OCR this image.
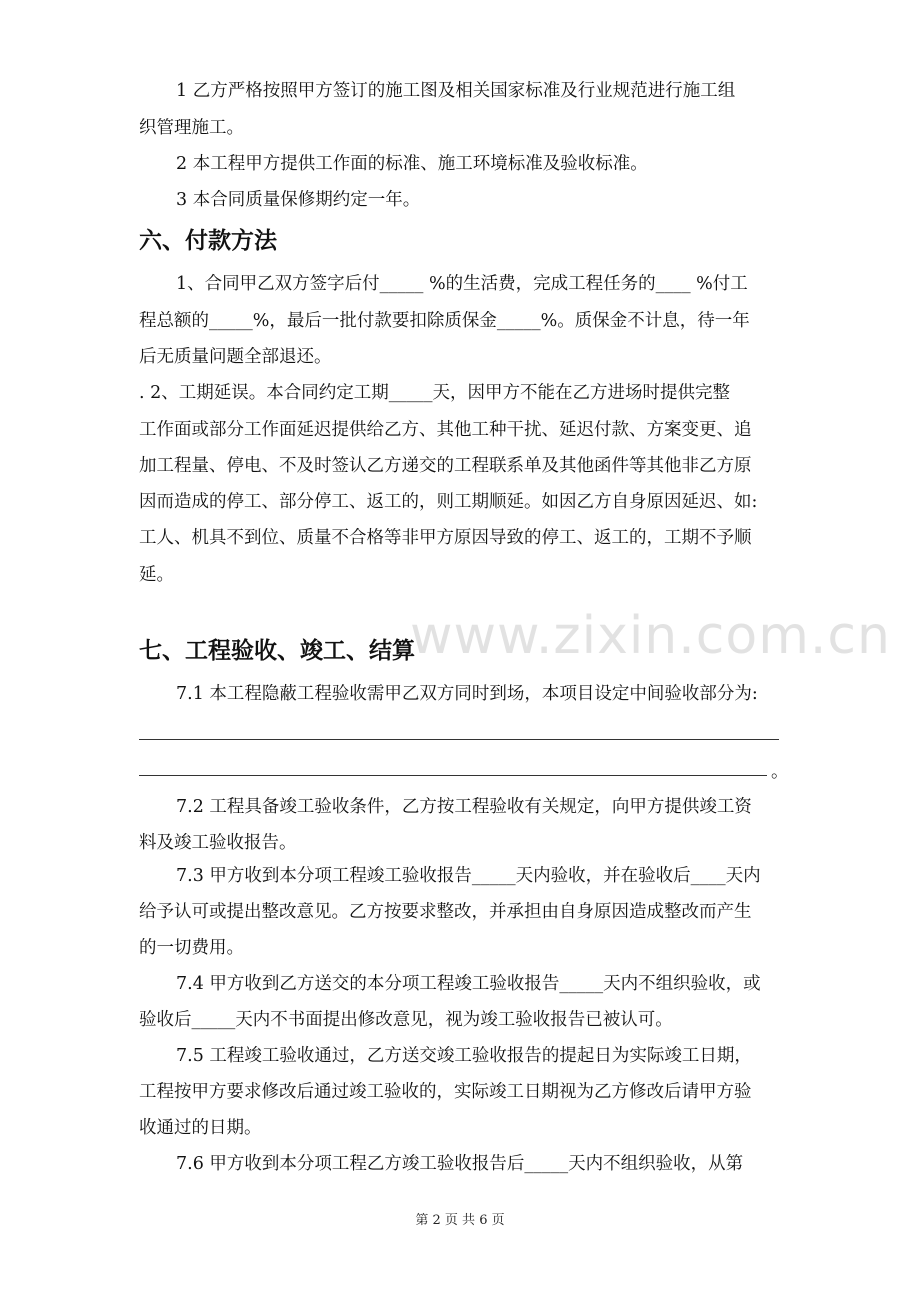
www.zixin.com.cn
1 乙方严格按照甲方签订的施工图及相关国家标准及行业规范进行施工组
织管理施工。
2 本工程甲方提供工作面的标准、施工环境标准及验收标准。
3 本合同质量保修期约定一年。
六、付款方法
1、合同甲乙双方签字后付_____ %的生活费，完成工程任务的____ %付工
程总额的_____%，最后一批付款要扣除质保金_____%。质保金不计息，待一年
后无质量问题全部退还。
. 2、工期延误。本合同约定工期_____天，因甲方不能在乙方进场时提供完整
工作面或部分工作面延迟提供给乙方、其他工种干扰、延迟付款、方案变更、追
加工程量、停电、不及时签认乙方递交的工程联系单及其他函件等其他非乙方原
因而造成的停工、部分停工、返工的，则工期顺延。如因乙方自身原因延迟、如:
工人、机具不到位、质量不合格等非甲方原因导致的停工、返工的，工期不予顺
延。
七、工程验收、竣工、结算
7.1 本工程隐蔽工程验收需甲乙双方同时到场，本项目设定中间验收部分为:
。
7.2 工程具备竣工验收条件，乙方按工程验收有关规定，向甲方提供竣工资
料及竣工验收报告。
7.3 甲方收到本分项工程竣工验收报告_____天内验收，并在验收后____天内
给予认可或提出整改意见。乙方按要求整改，并承担由自身原因造成整改而产生
的一切费用。
7.4 甲方收到乙方送交的本分项工程竣工验收报告_____天内不组织验收，或
验收后_____天内不书面提出修改意见，视为竣工验收报告已被认可。
7.5 工程竣工验收通过，乙方送交竣工验收报告的提起日为实际竣工日期，
工程按甲方要求修改后通过竣工验收的，实际竣工日期视为乙方修改后请甲方验
收通过的日期。
7.6 甲方收到本分项工程乙方竣工验收报告后_____天内不组织验收，从第
第 2 页 共 6 页
